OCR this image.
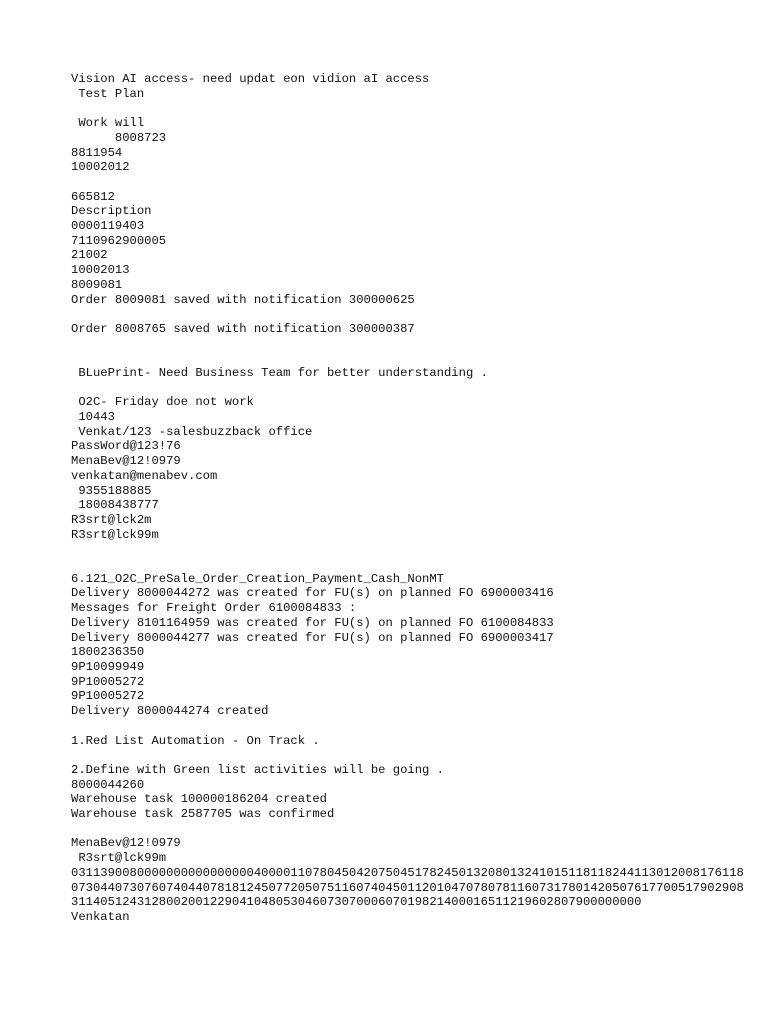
Vision AI access- need updat eon vidion aI access
Test Plan
Work will
8008723
8811954
10002012
665812
Description
0000119403
7110962900005
21002
10002013
8009081
Order 8009081 saved with notification 300000625
Order 8008765 saved with notification 300000387
BLuePrint- Need Business Team for better understanding .
O2C- Friday doe not work
10443
Venkat/123 -salesbuzzback office
PassWord@123!76
MenaBev@12!0979
venkatan@menabev.com
9355188885
18008438777
R3srt@lck2m
R3srt@lck99m
6.121_O2C_PreSale_Order_Creation_Payment_Cash_NonMT
Delivery 8000044272 was created for FU(s) on planned FO 6900003416
Messages for Freight Order 6100084833 :
Delivery 8101164959 was created for FU(s) on planned FO 6100084833
Delivery 8000044277 was created for FU(s) on planned FO 6900003417
1800236350
9P10099949
9P10005272
9P10005272
Delivery 8000044274 created
1.Red List Automation - On Track .
2.Define with Green list activities will be going .
8000044260
Warehouse task 100000186204 created
Warehouse task 2587705 was confirmed
MenaBev@12!0979
R3srt@lck99m
0311390080000000000000000400001107804504207504517824501320801324101511811824411301200817611807304407307607404407818124507720507511607404501120104707807811607317801420507617700517902908311405124312800200122904104805304607307000607019821400016511219602807900000000
Venkatan
